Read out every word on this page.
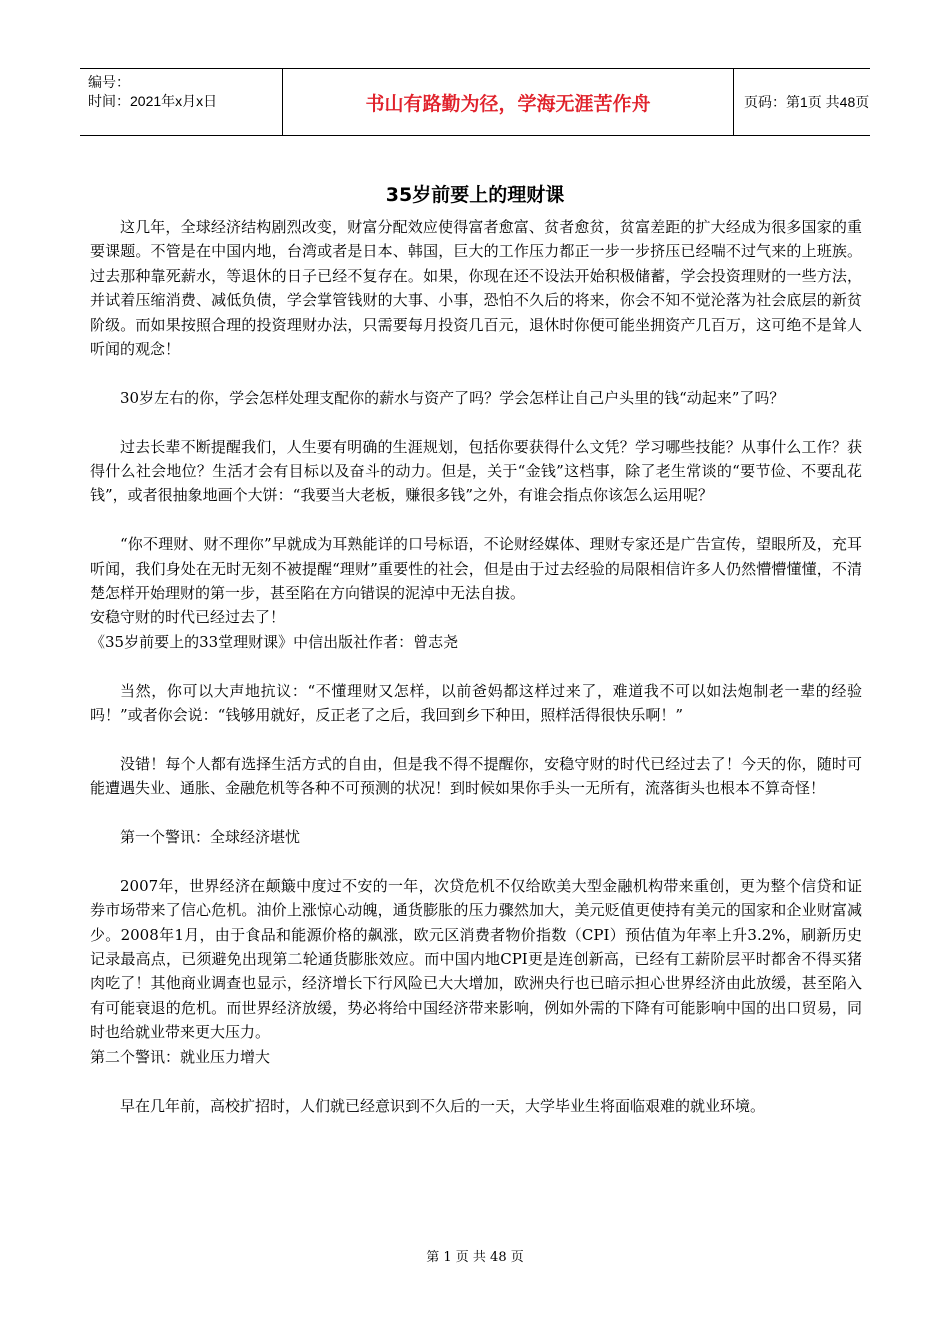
编号：
时间：2021年x月x日	书山有路勤为径，学海无涯苦作舟	页码：第1页 共48页
35岁前要上的理财课

这几年，全球经济结构剧烈改变，财富分配效应使得富者愈富、贫者愈贫，贫富差距的扩大经成为很多国家的重要课题。不管是在中国内地，台湾或者是日本、韩国，巨大的工作压力都正一步一步挤压已经喘不过气来的上班族。过去那种靠死薪水，等退休的日子已经不复存在。如果，你现在还不设法开始积极储蓄，学会投资理财的一些方法，并试着压缩消费、减低负债，学会掌管钱财的大事、小事，恐怕不久后的将来，你会不知不觉沦落为社会底层的新贫阶级。而如果按照合理的投资理财办法，只需要每月投资几百元，退休时你便可能坐拥资产几百万，这可绝不是耸人听闻的观念！

30岁左右的你，学会怎样处理支配你的薪水与资产了吗？学会怎样让自己户头里的钱“动起来”了吗？

过去长辈不断提醒我们，人生要有明确的生涯规划，包括你要获得什么文凭？学习哪些技能？从事什么工作？获得什么社会地位？生活才会有目标以及奋斗的动力。但是，关于“金钱”这档事，除了老生常谈的“要节俭、不要乱花钱”，或者很抽象地画个大饼：“我要当大老板，赚很多钱”之外，有谁会指点你该怎么运用呢？

“你不理财、财不理你”早就成为耳熟能详的口号标语，不论财经媒体、理财专家还是广告宣传，望眼所及，充耳听闻，我们身处在无时无刻不被提醒“理财”重要性的社会，但是由于过去经验的局限相信许多人仍然懵懵懂懂，不清楚怎样开始理财的第一步，甚至陷在方向错误的泥淖中无法自拔。

安稳守财的时代已经过去了！

《35岁前要上的33堂理财课》中信出版社作者：曾志尧

当然，你可以大声地抗议：“不懂理财又怎样，以前爸妈都这样过来了，难道我不可以如法炮制老一辈的经验吗！”或者你会说：“钱够用就好，反正老了之后，我回到乡下种田，照样活得很快乐啊！”

没错！每个人都有选择生活方式的自由，但是我不得不提醒你，安稳守财的时代已经过去了！今天的你，随时可能遭遇失业、通胀、金融危机等各种不可预测的状况！到时候如果你手头一无所有，流落街头也根本不算奇怪！

第一个警讯：全球经济堪忧

2007年，世界经济在颠簸中度过不安的一年，次贷危机不仅给欧美大型金融机构带来重创，更为整个信贷和证券市场带来了信心危机。油价上涨惊心动魄，通货膨胀的压力骤然加大，美元贬值更使持有美元的国家和企业财富减少。2008年1月，由于食品和能源价格的飙涨，欧元区消费者物价指数（CPI）预估值为年率上升3.2%，刷新历史记录最高点，已须避免出现第二轮通货膨胀效应。而中国内地CPI更是连创新高，已经有工薪阶层平时都舍不得买猪肉吃了！其他商业调查也显示，经济增长下行风险已大大增加，欧洲央行也已暗示担心世界经济由此放缓，甚至陷入有可能衰退的危机。而世界经济放缓，势必将给中国经济带来影响，例如外需的下降有可能影响中国的出口贸易，同时也给就业带来更大压力。

第二个警讯：就业压力增大

早在几年前，高校扩招时，人们就已经意识到不久后的一天，大学毕业生将面临艰难的就业环境。

第 1 页 共 48 页
